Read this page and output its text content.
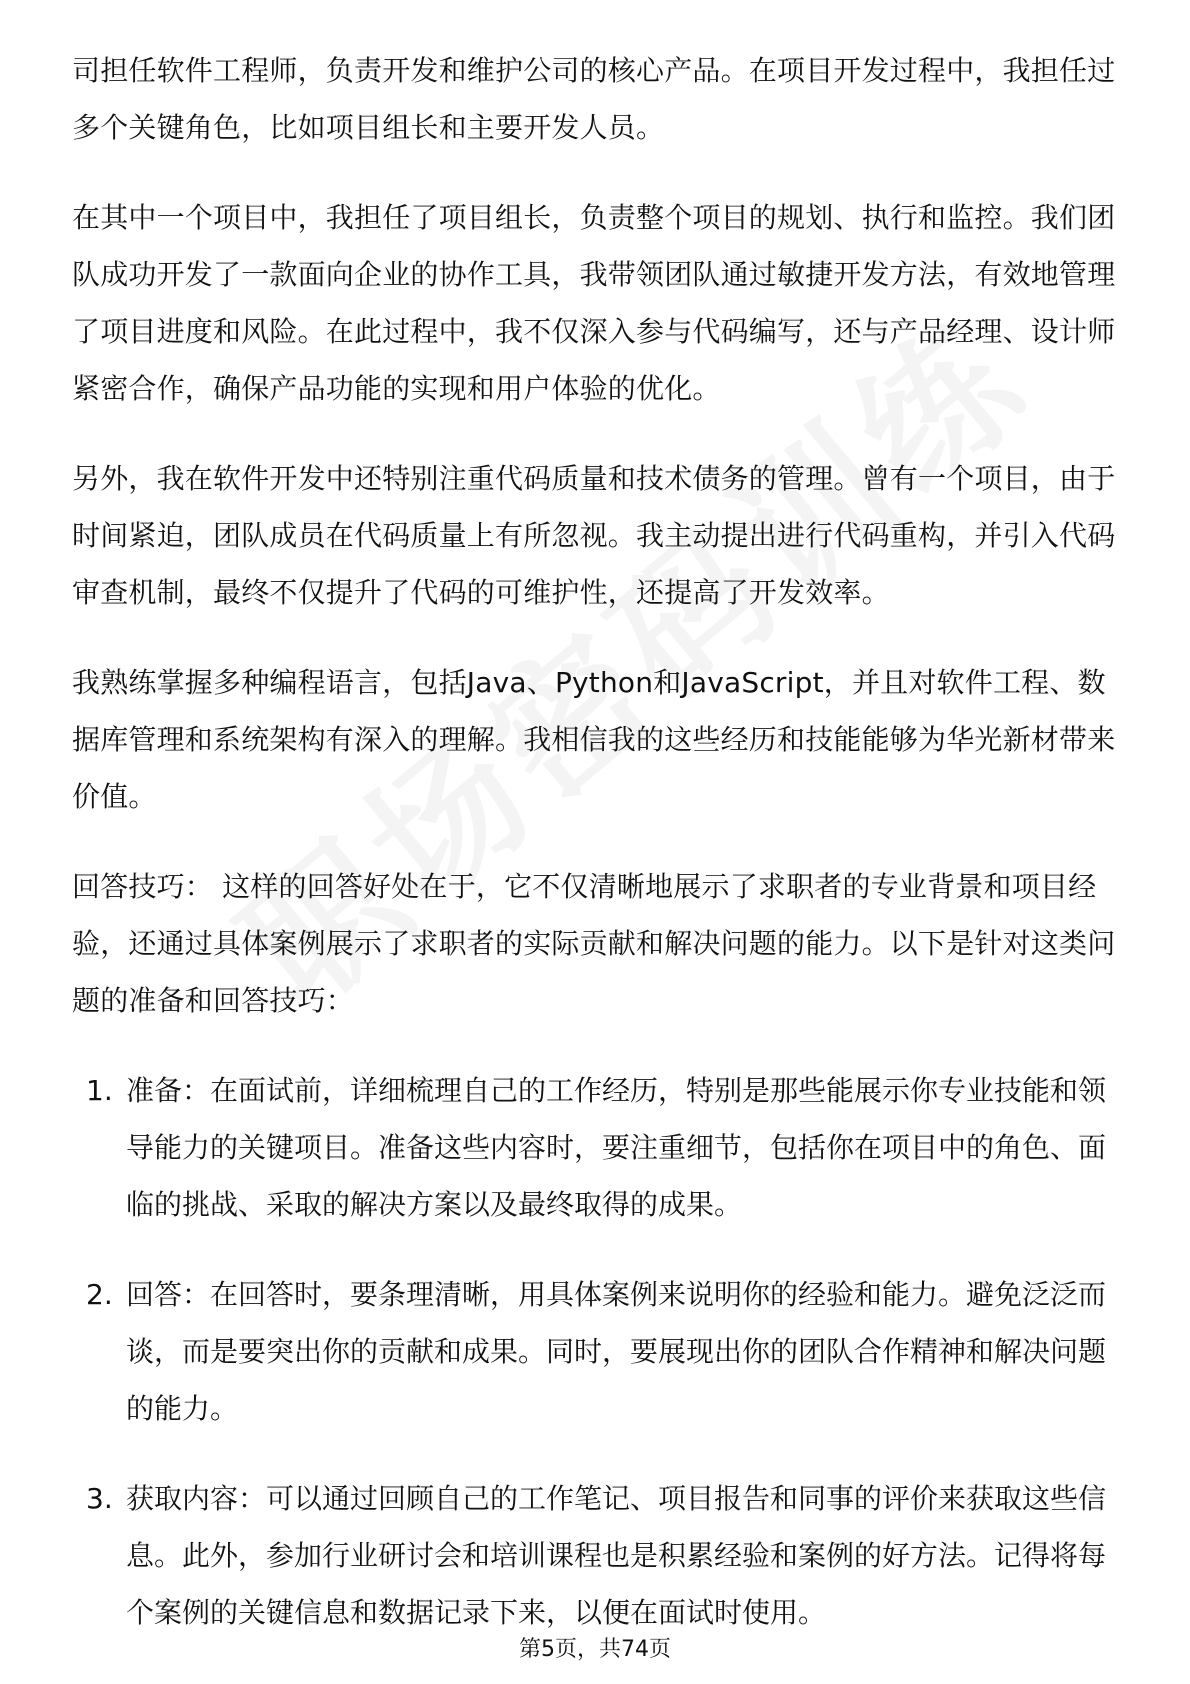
司担任软件工程师，负责开发和维护公司的核心产品。在项目开发过程中，我担任过多个关键角色，比如项目组长和主要开发人员。

在其中一个项目中，我担任了项目组长，负责整个项目的规划、执行和监控。我们团队成功开发了一款面向企业的协作工具，我带领团队通过敏捷开发方法，有效地管理了项目进度和风险。在此过程中，我不仅深入参与代码编写，还与产品经理、设计师紧密合作，确保产品功能的实现和用户体验的优化。

另外，我在软件开发中还特别注重代码质量和技术债务的管理。曾有一个项目，由于时间紧迫，团队成员在代码质量上有所忽视。我主动提出进行代码重构，并引入代码审查机制，最终不仅提升了代码的可维护性，还提高了开发效率。

我熟练掌握多种编程语言，包括Java、Python和JavaScript，并且对软件工程、数据库管理和系统架构有深入的理解。我相信我的这些经历和技能能够为华光新材带来价值。

回答技巧： 这样的回答好处在于，它不仅清晰地展示了求职者的专业背景和项目经验，还通过具体案例展示了求职者的实际贡献和解决问题的能力。以下是针对这类问题的准备和回答技巧：

1. 准备：在面试前，详细梳理自己的工作经历，特别是那些能展示你专业技能和领导能力的关键项目。准备这些内容时，要注重细节，包括你在项目中的角色、面临的挑战、采取的解决方案以及最终取得的成果。
2. 回答：在回答时，要条理清晰，用具体案例来说明你的经验和能力。避免泛泛而谈，而是要突出你的贡献和成果。同时，要展现出你的团队合作精神和解决问题的能力。
3. 获取内容：可以通过回顾自己的工作笔记、项目报告和同事的评价来获取这些信息。此外，参加行业研讨会和培训课程也是积累经验和案例的好方法。记得将每个案例的关键信息和数据记录下来，以便在面试时使用。
第5页，共74页
